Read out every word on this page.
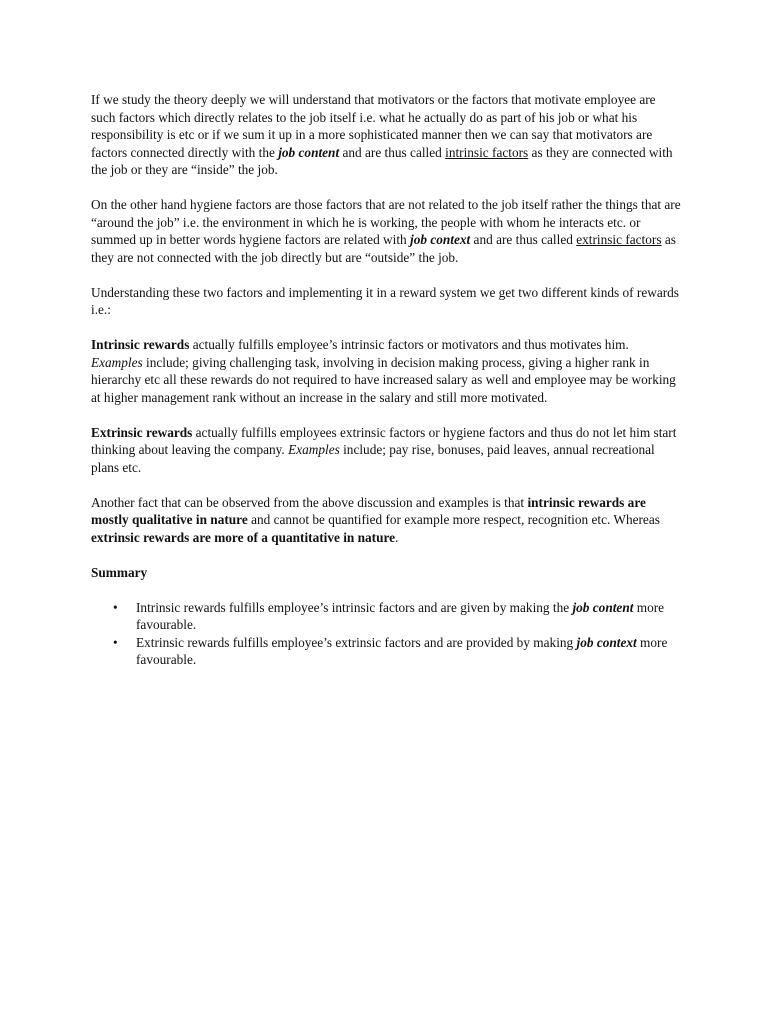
If we study the theory deeply we will understand that motivators or the factors that motivate employee are such factors which directly relates to the job itself i.e. what he actually do as part of his job or what his responsibility is etc or if we sum it up in a more sophisticated manner then we can say that motivators are factors connected directly with the job content and are thus called intrinsic factors as they are connected with the job or they are “inside” the job.

On the other hand hygiene factors are those factors that are not related to the job itself rather the things that are “around the job” i.e. the environment in which he is working, the people with whom he interacts etc. or summed up in better words hygiene factors are related with job context and are thus called extrinsic factors as they are not connected with the job directly but are “outside” the job.

Understanding these two factors and implementing it in a reward system we get two different kinds of rewards i.e.:

Intrinsic rewards actually fulfills employee’s intrinsic factors or motivators and thus motivates him. Examples include; giving challenging task, involving in decision making process, giving a higher rank in hierarchy etc all these rewards do not required to have increased salary as well and employee may be working at higher management rank without an increase in the salary and still more motivated.

Extrinsic rewards actually fulfills employees extrinsic factors or hygiene factors and thus do not let him start thinking about leaving the company. Examples include; pay rise, bonuses, paid leaves, annual recreational plans etc.

Another fact that can be observed from the above discussion and examples is that intrinsic rewards are mostly qualitative in nature and cannot be quantified for example more respect, recognition etc. Whereas extrinsic rewards are more of a quantitative in nature.

Summary

• Intrinsic rewards fulfills employee’s intrinsic factors and are given by making the job content more favourable.
• Extrinsic rewards fulfills employee’s extrinsic factors and are provided by making job context more favourable.
